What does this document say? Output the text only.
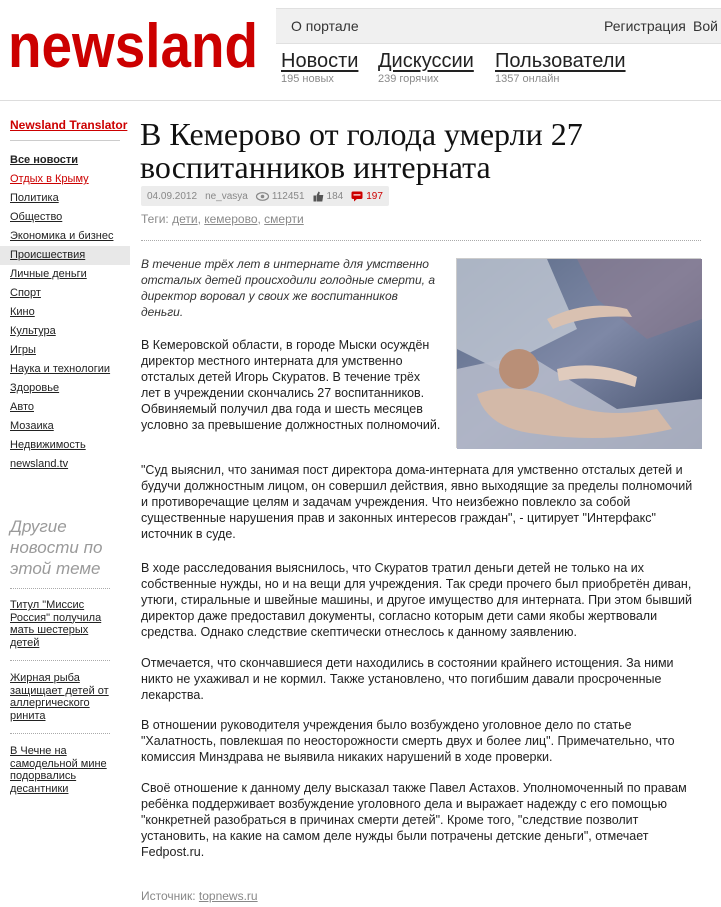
newsland О портале	Регистрация Вой
Новости
195 новых
Дискуссии
239 горячих
Пользователи
1357 онлайн
Newsland Translator
Все новости
Отдых в Крыму
Политика
Общество
Экономика и бизнес
Происшествия
Личные деньги
Спорт
Кино
Культура
Игры
Наука и технологии
Здоровье
Авто
Мозаика
Недвижимость
newsland.tv
Другие новости по этой теме
Титул "Миссис Россия" получила мать шестерых детей
Жирная рыба защищает детей от аллергического ринита
В Чечне на самодельной мине подорвались десантники
В Кемерово от голода умерли 27 воспитанников интерната
04.09.2012 ne_vasya 112451 184 197
Теги: дети, кемерово, смерти

В течение трёх лет в интернате для умственно отсталых детей происходили голодные смерти, а директор воровал у своих же воспитанников деньги.

В Кемеровской области, в городе Мыски осуждён директор местного интерната для умственно отсталых детей Игорь Скуратов. В течение трёх лет в учреждении скончались 27 воспитанников. Обвиняемый получил два года и шесть месяцев условно за превышение должностных полномочий.

"Суд выяснил, что занимая пост директора дома-интерната для умственно отсталых детей и будучи должностным лицом, он совершил действия, явно выходящие за пределы полномочий и противоречащие целям и задачам учреждения. Что неизбежно повлекло за собой существенные нарушения прав и законных интересов граждан", - цитирует "Интерфакс" источник в суде.

В ходе расследования выяснилось, что Скуратов тратил деньги детей не только на их собственные нужды, но и на вещи для учреждения. Так среди прочего был приобретён диван, утюги, стиральные и швейные машины, и другое имущество для интерната. При этом бывший директор даже предоставил документы, согласно которым дети сами якобы жертвовали средства. Однако следствие скептически отнеслось к данному заявлению.

Отмечается, что скончавшиеся дети находились в состоянии крайнего истощения. За ними никто не ухаживал и не кормил. Также установлено, что погибшим давали просроченные лекарства.

В отношении руководителя учреждения было возбуждено уголовное дело по статье "Халатность, повлекшая по неосторожности смерть двух и более лиц". Примечательно, что комиссия Минздрава не выявила никаких нарушений в ходе проверки.

Своё отношение к данному делу высказал также Павел Астахов. Уполномоченный по правам ребёнка поддерживает возбуждение уголовного дела и выражает надежду с его помощью "конкретней разобраться в причинах смерти детей". Кроме того, "следствие позволит установить, на какие на самом деле нужды были потрачены детские деньги", отмечает Fedpost.ru.

Источник: topnews.ru
